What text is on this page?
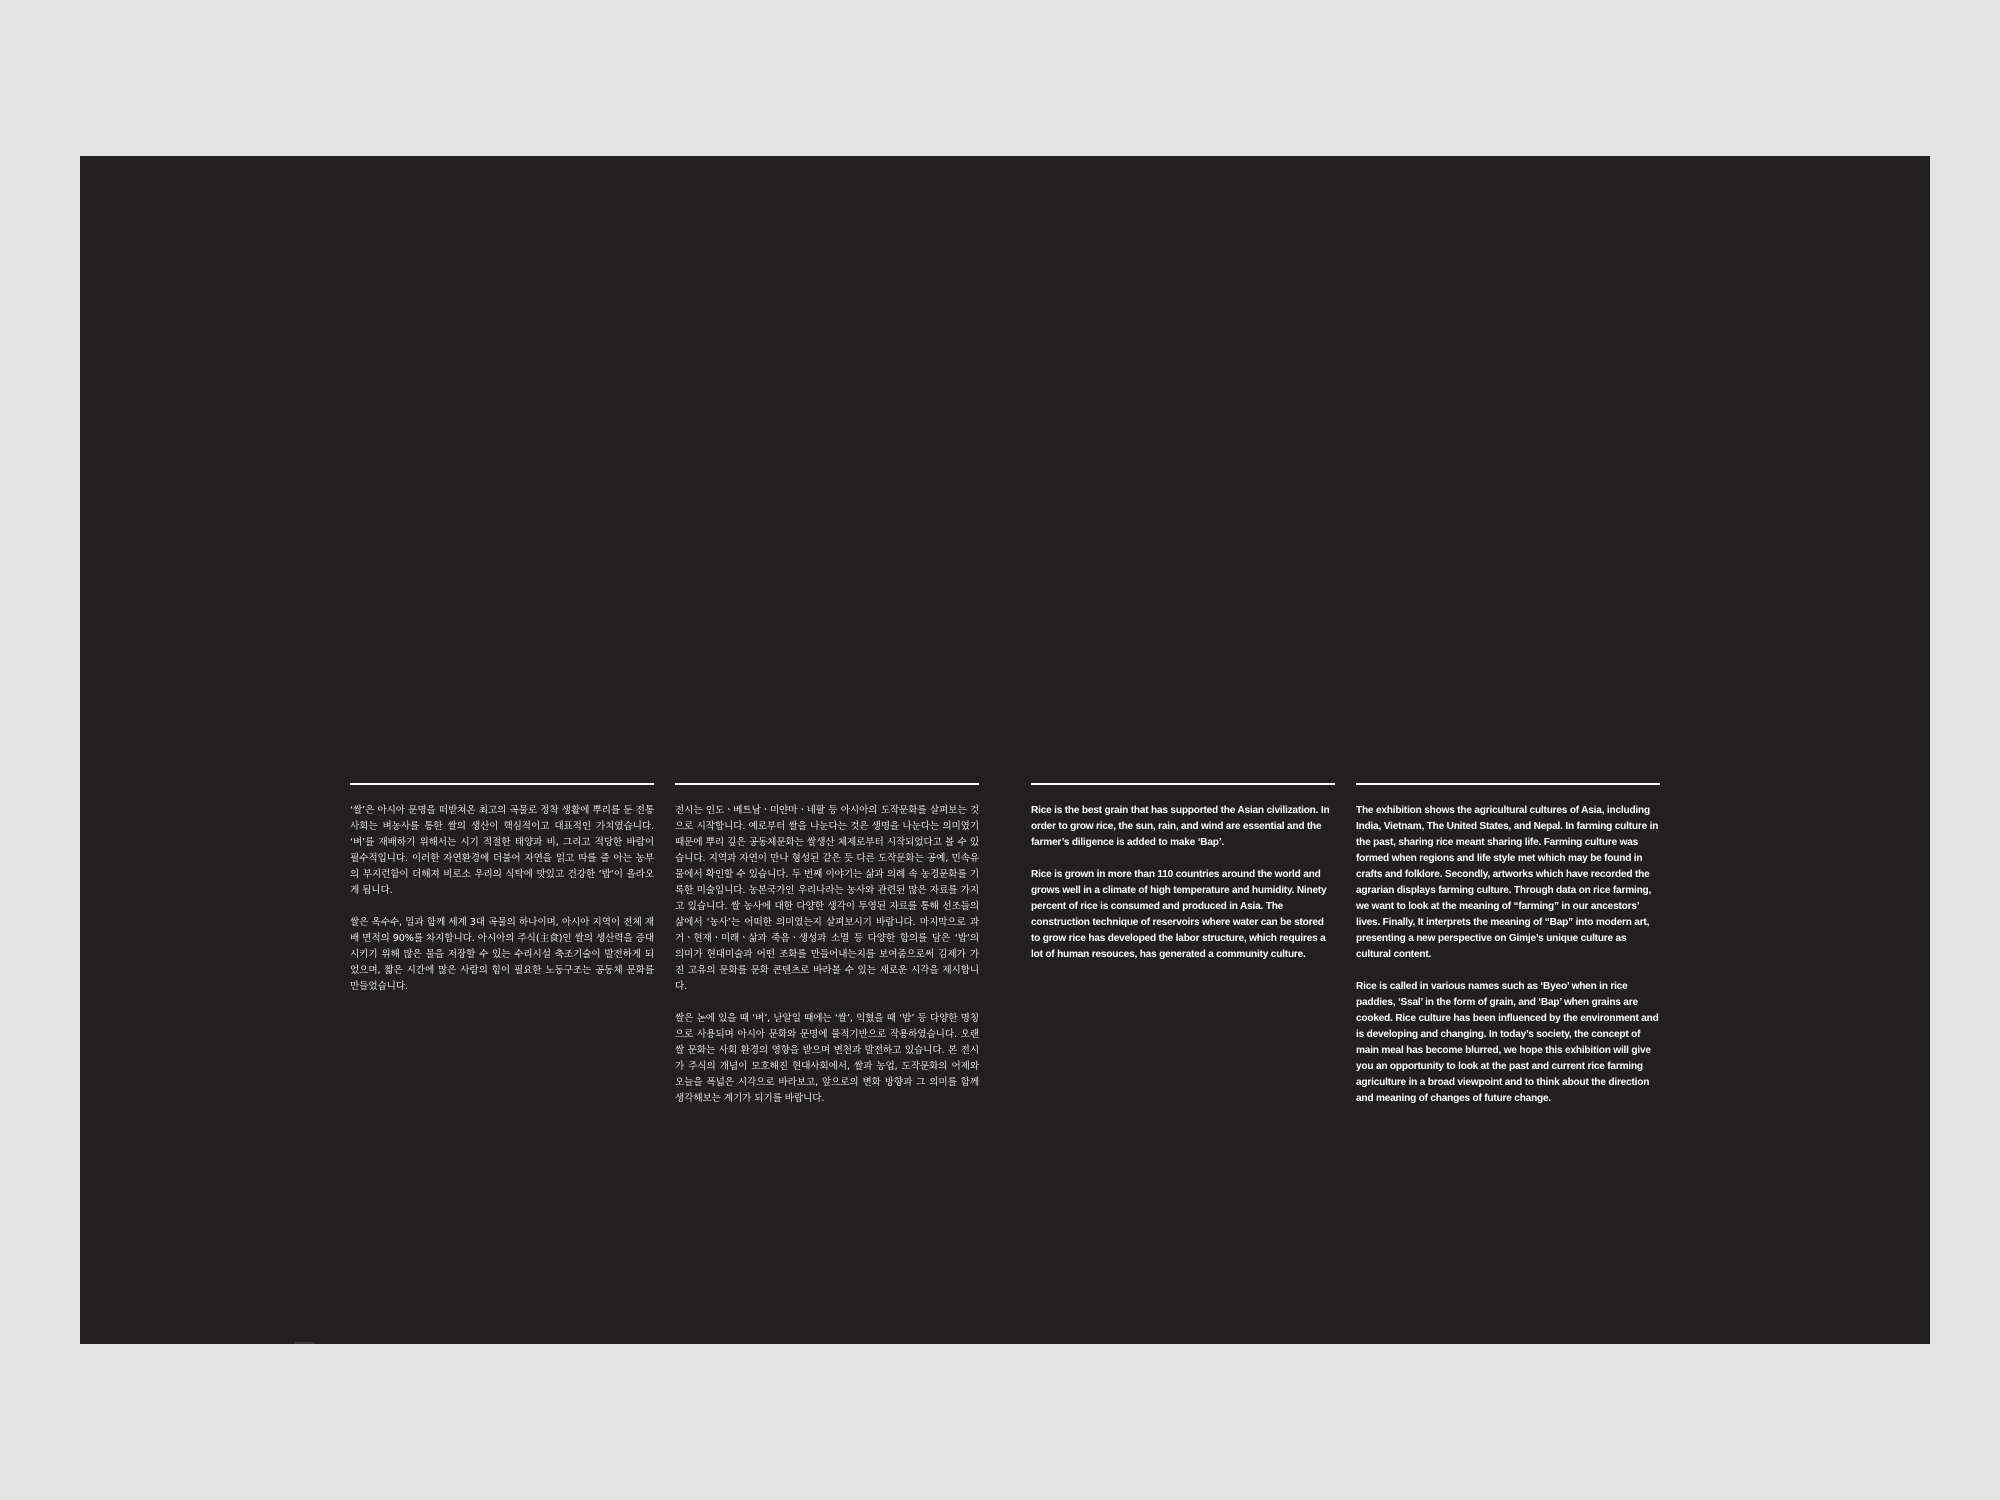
‘쌀’은 아시아 문명을 떠받쳐온 최고의 곡물로 정착 생활에 뿌리를 둔 전통사회는 벼농사를 통한 쌀의 생산이 핵심적이고 대표적인 가치였습니다. ‘벼’를 재배하기 위해서는 시기 적절한 태양과 비, 그리고 적당한 바람이 필수적입니다. 이러한 자연환경에 더불어 자연을 읽고 따를 줄 아는 농부의 부지런함이 더해져 비로소 우리의 식탁에 맛있고 건강한 ‘밥’이 올라오게 됩니다.

쌀은 옥수수, 밀과 함께 세계 3대 곡물의 하나이며, 아시아 지역이 전체 재배 면적의 90%를 차지합니다. 아시아의 주식(主食)인 쌀의 생산력을 증대시키기 위해 많은 물을 저장할 수 있는 수리시설 축조기술이 발전하게 되었으며, 짧은 시간에 많은 사람의 힘이 필요한 노동구조는 공동체 문화를 만들었습니다.

전시는 인도ㆍ베트남ㆍ미얀마ㆍ네팔 등 아시아의 도작문화를 살펴보는 것으로 시작합니다. 예로부터 쌀을 나눈다는 것은 생명을 나눈다는 의미였기 때문에 뿌리 깊은 공동체문화는 쌀생산 체제로부터 시작되었다고 볼 수 있습니다. 지역과 자연이 만나 형성된 같은 듯 다른 도작문화는 공예, 민속유물에서 확인할 수 있습니다. 두 번째 이야기는 삶과 의례 속 농경문화를 기록한 미술입니다. 농본국가인 우리나라는 농사와 관련된 많은 자료를 가지고 있습니다. 쌀 농사에 대한 다양한 생각이 투영된 자료를 통해 선조들의 삶에서 ‘농사’는 어떠한 의미였는지 살펴보시기 바랍니다. 마지막으로 과거ㆍ현재ㆍ미래ㆍ삶과 죽음ㆍ생성과 소멸 등 다양한 함의를 담은 ‘밥’의 의미가 현대미술과 어떤 조화를 만들어내는지를 보여줌으로써 김제가 가진 고유의 문화를 문화 콘텐츠로 바라볼 수 있는 새로운 시각을 제시합니다.

쌀은 논에 있을 때 ‘벼’, 낟알일 때에는 ‘쌀’, 익혔을 때 ‘밥’ 등 다양한 명칭으로 사용되며 아시아 문화와 문명에 물적기반으로 작용하였습니다. 오랜 쌀 문화는 사회 환경의 영향을 받으며 변천과 발전하고 있습니다. 본 전시가 주식의 개념이 모호해진 현대사회에서, 쌀과 농업, 도작문화의 어제와 오늘을 폭넓은 시각으로 바라보고, 앞으로의 변화 방향과 그 의미를 함께 생각해보는 계기가 되기를 바랍니다.

Rice is the best grain that has supported the Asian civilization. In order to grow rice, the sun, rain, and wind are essential and the farmer’s diligence is added to make ‘Bap’.

Rice is grown in more than 110 countries around the world and grows well in a climate of high temperature and humidity. Ninety percent of rice is consumed and produced in Asia. The construction technique of reservoirs where water can be stored to grow rice has developed the labor structure, which requires a lot of human resouces, has generated a community culture.

The exhibition shows the agricultural cultures of Asia, including India, Vietnam, The United States, and Nepal. In farming culture in the past, sharing rice meant sharing life. Farming culture was formed when regions and life style met which may be found in crafts and folklore. Secondly, artworks which have recorded the agrarian displays farming culture. Through data on rice farming, we want to look at the meaning of “farming” in our ancestors’ lives. Finally, It interprets the meaning of “Bap” into modern art, presenting a new perspective on Gimje’s unique culture as cultural content.

Rice is called in various names such as ‘Byeo’ when in rice paddies, ‘Ssal’ in the form of grain, and ‘Bap’ when grains are cooked. Rice culture has been influenced by the environment and is developing and changing. In today’s society, the concept of main meal has become blurred, we hope this exhibition will give you an opportunity to look at the past and current rice farming agriculture in a broad viewpoint and to think about the direction and meaning of changes of future change.
